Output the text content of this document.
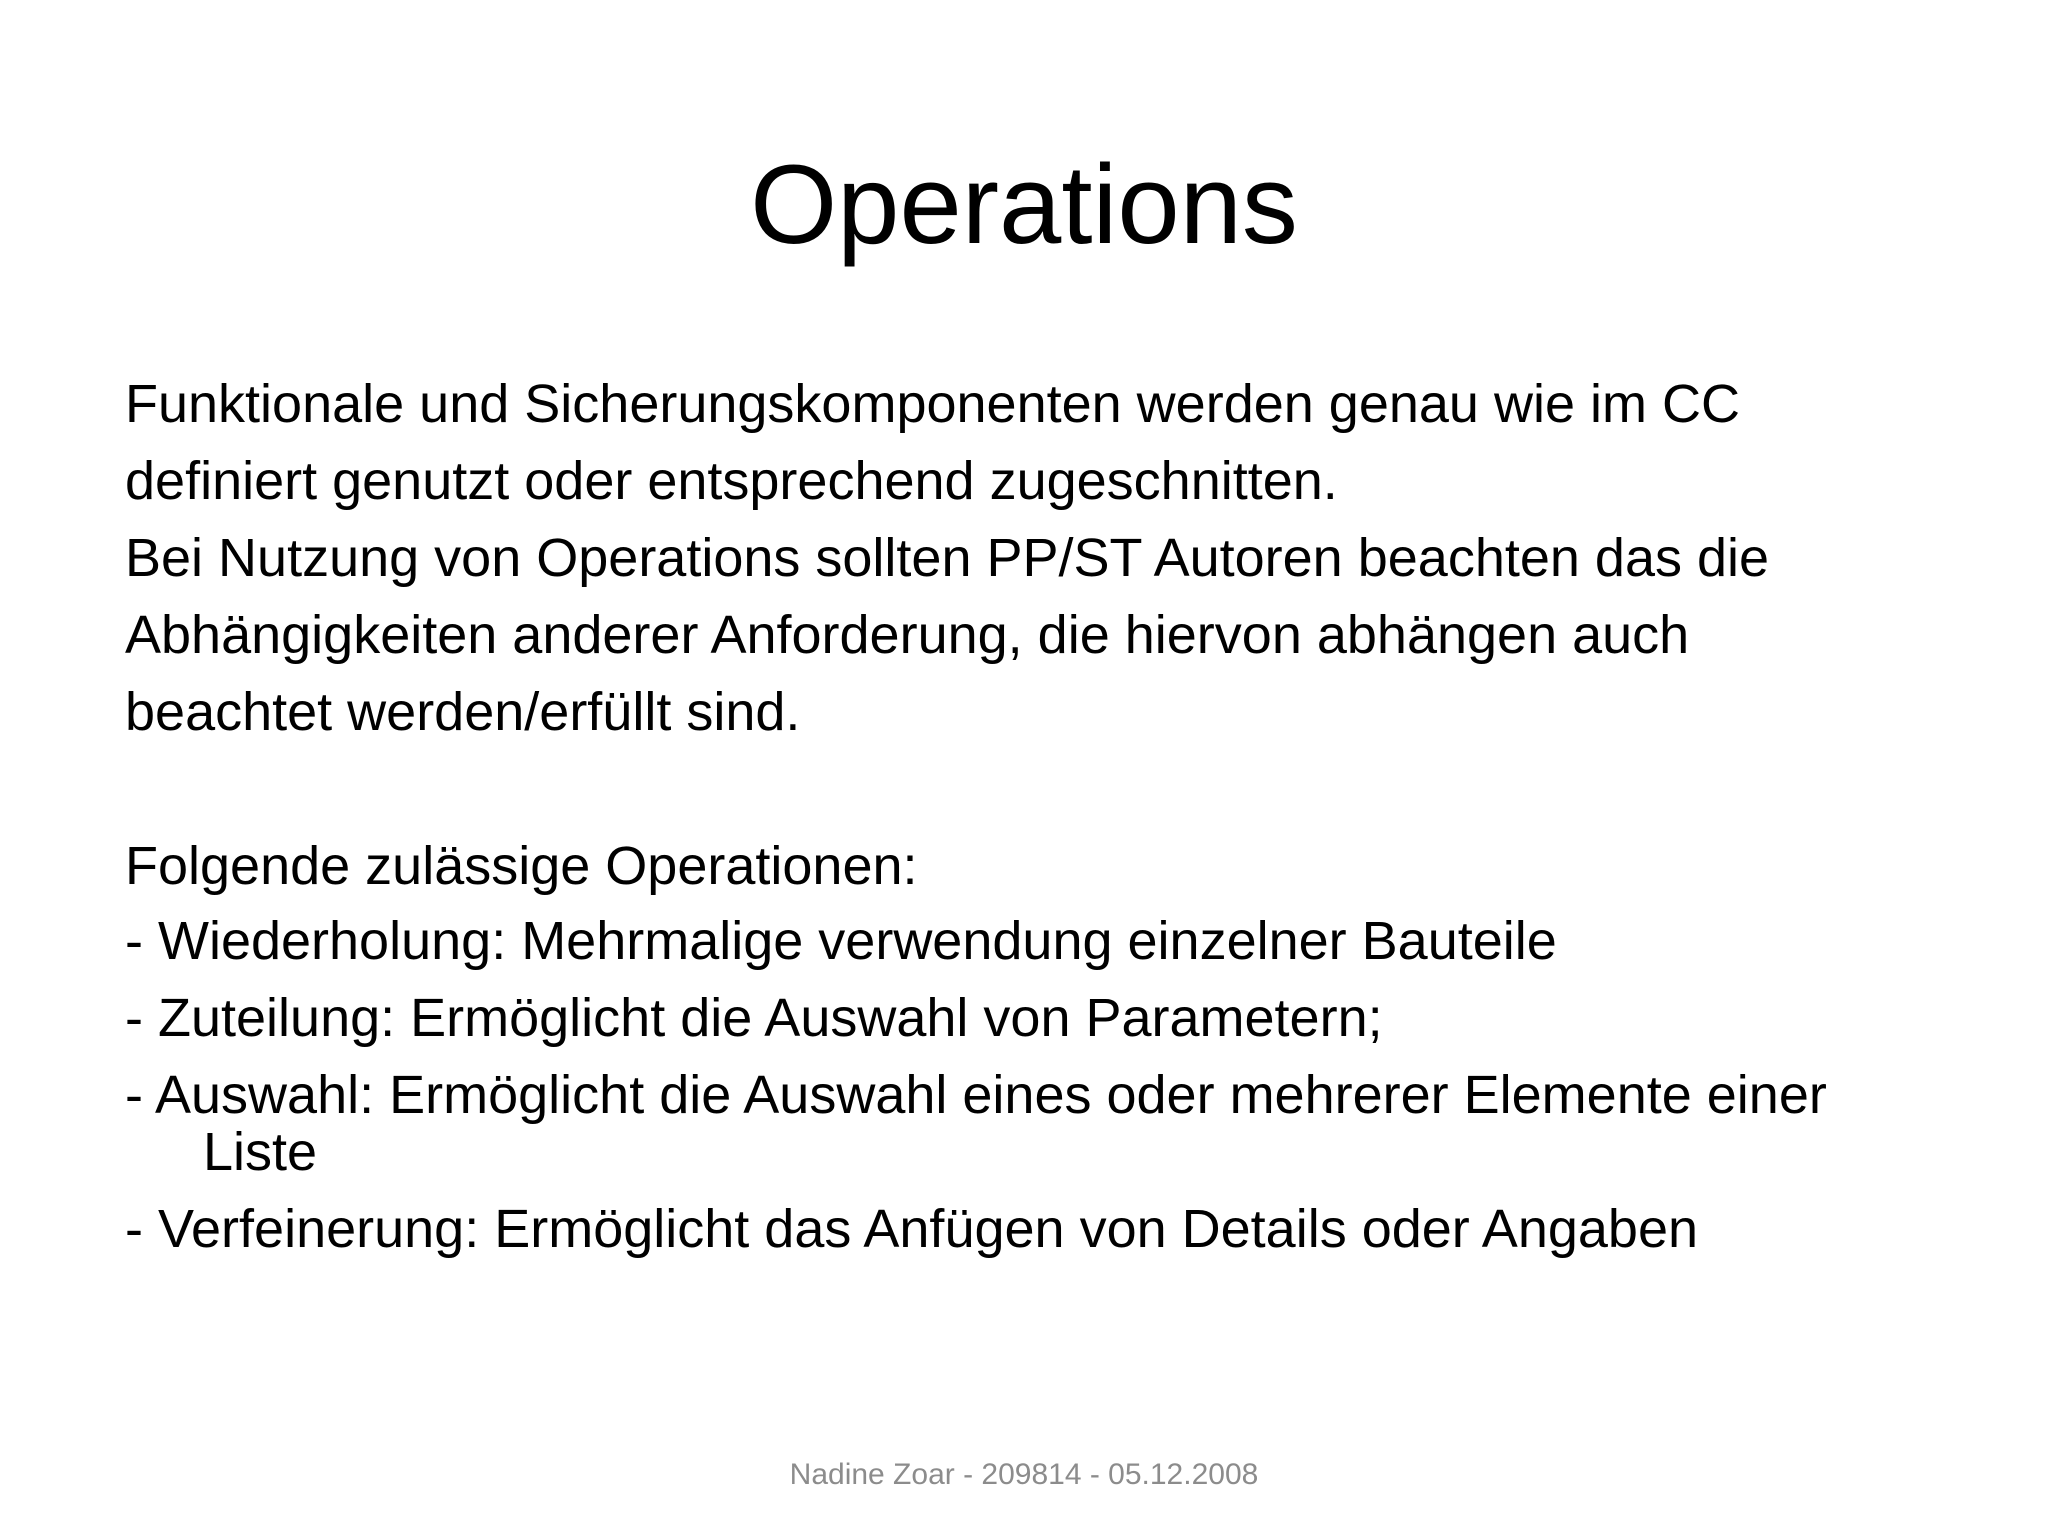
Operations
Funktionale und Sicherungskomponenten werden genau wie im CC
definiert genutzt oder entsprechend zugeschnitten.
Bei Nutzung von Operations sollten PP/ST Autoren beachten das die
Abhängigkeiten anderer Anforderung, die hiervon abhängen auch
beachtet werden/erfüllt sind.
Folgende zulässige Operationen:
- Wiederholung: Mehrmalige verwendung einzelner Bauteile
- Zuteilung: Ermöglicht die Auswahl von Parametern;
- Auswahl: Ermöglicht die Auswahl eines oder mehrerer Elemente einer Liste
- Verfeinerung: Ermöglicht das Anfügen von Details oder Angaben
Nadine Zoar - 209814 - 05.12.2008
